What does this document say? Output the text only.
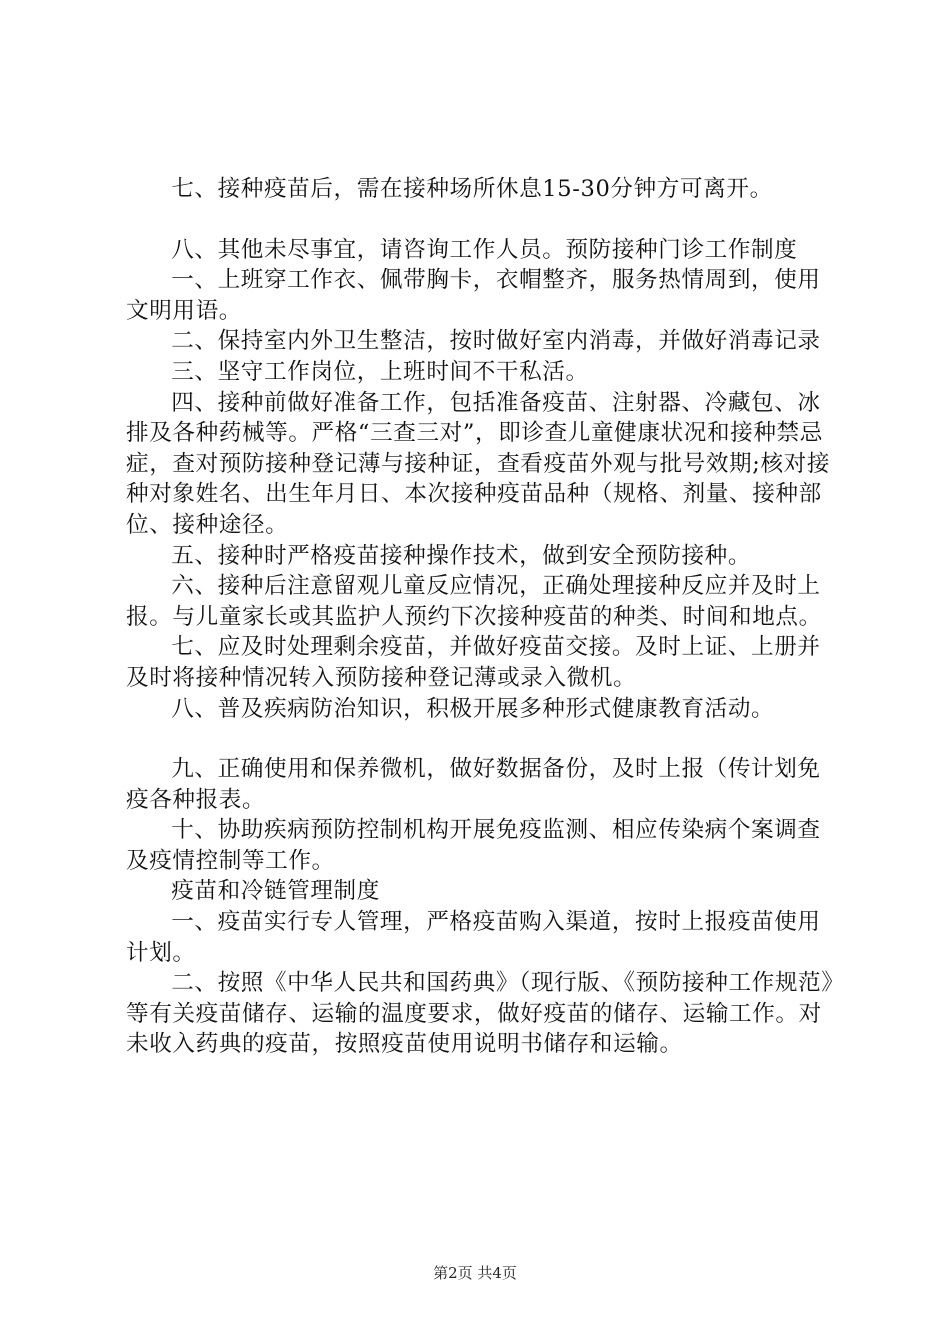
七、接种疫苗后，需在接种场所休息15-30分钟方可离开。

八、其他未尽事宜，请咨询工作人员。预防接种门诊工作制度

一、上班穿工作衣、佩带胸卡，衣帽整齐，服务热情周到，使用文明用语。

二、保持室内外卫生整洁，按时做好室内消毒，并做好消毒记录

三、坚守工作岗位，上班时间不干私活。

四、接种前做好准备工作，包括准备疫苗、注射器、冷藏包、冰排及各种药械等。严格“三查三对”，即诊查儿童健康状况和接种禁忌症，查对预防接种登记薄与接种证，查看疫苗外观与批号效期;核对接种对象姓名、出生年月日、本次接种疫苗品种（规格、剂量、接种部位、接种途径。

五、接种时严格疫苗接种操作技术，做到安全预防接种。

六、接种后注意留观儿童反应情况，正确处理接种反应并及时上报。与儿童家长或其监护人预约下次接种疫苗的种类、时间和地点。

七、应及时处理剩余疫苗，并做好疫苗交接。及时上证、上册并及时将接种情况转入预防接种登记薄或录入微机。

八、普及疾病防治知识，积极开展多种形式健康教育活动。

九、正确使用和保养微机，做好数据备份，及时上报（传计划免疫各种报表。

十、协助疾病预防控制机构开展免疫监测、相应传染病个案调查及疫情控制等工作。

疫苗和冷链管理制度

一、疫苗实行专人管理，严格疫苗购入渠道，按时上报疫苗使用计划。

二、按照《中华人民共和国药典》（现行版、《预防接种工作规范》等有关疫苗储存、运输的温度要求，做好疫苗的储存、运输工作。对未收入药典的疫苗，按照疫苗使用说明书储存和运输。

第2页 共4页
